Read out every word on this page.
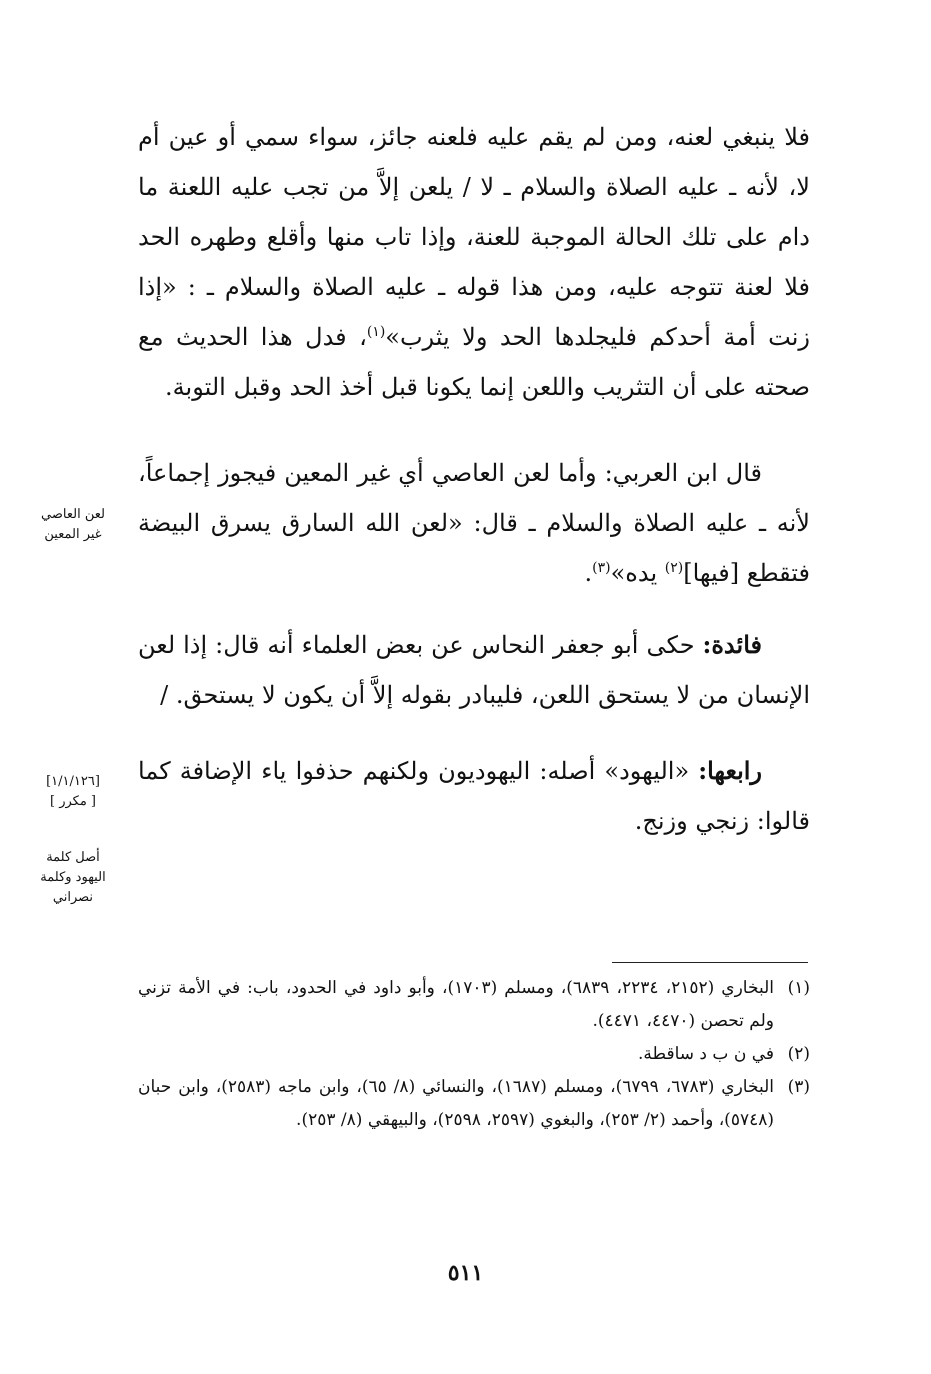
فلا ينبغي لعنه، ومن لم يقم عليه فلعنه جائز، سواء سمي أو عين أم لا، لأنه ـ عليه الصلاة والسلام ـ لا / يلعن إلاَّ من تجب عليه اللعنة ما دام على تلك الحالة الموجبة للعنة، وإذا تاب منها وأقلع وطهره الحد فلا لعنة تتوجه عليه، ومن هذا قوله ـ عليه الصلاة والسلام ـ : «إذا زنت أمة أحدكم فليجلدها الحد ولا يثرب»$^{(١)}$، فدل هذا الحديث مع صحته على أن التثريب واللعن إنما يكونا قبل أخذ الحد وقبل التوبة.

قال ابن العربي: وأما لعن العاصي أي غير المعين فيجوز إجماعاً، لأنه ـ عليه الصلاة والسلام ـ قال: «لعن الله السارق يسرق البيضة فتقطع [فيها]$^{(٢)}$ يده»$^{(٣)}$.

فائدة: حكى أبو جعفر النحاس عن بعض العلماء أنه قال: إذا لعن الإنسان من لا يستحق اللعن، فليبادر بقوله إلاَّ أن يكون لا يستحق. /

رابعها: «اليهود» أصله: اليهوديون ولكنهم حذفوا ياء الإضافة كما قالوا: زنجي وزنج.

لعن العاصي
غير المعين
[١/١/١٢٦]
[ مكرر ]
أصل كلمة
اليهود وكلمة
نصراني
(١)
البخاري (٢١٥٢، ٢٢٣٤، ٦٨٣٩)، ومسلم (١٧٠٣)، وأبو داود في الحدود، باب: في الأمة تزني ولم تحصن (٤٤٧٠، ٤٤٧١).
(٢)
في ن ب د ساقطة.
(٣)
البخاري (٦٧٨٣، ٦٧٩٩)، ومسلم (١٦٨٧)، والنسائي (٨/ ٦٥)، وابن ماجه (٢٥٨٣)، وابن حبان (٥٧٤٨)، وأحمد (٢/ ٢٥٣)، والبغوي (٢٥٩٧، ٢٥٩٨)، والبيهقي (٨/ ٢٥٣).
٥١١
